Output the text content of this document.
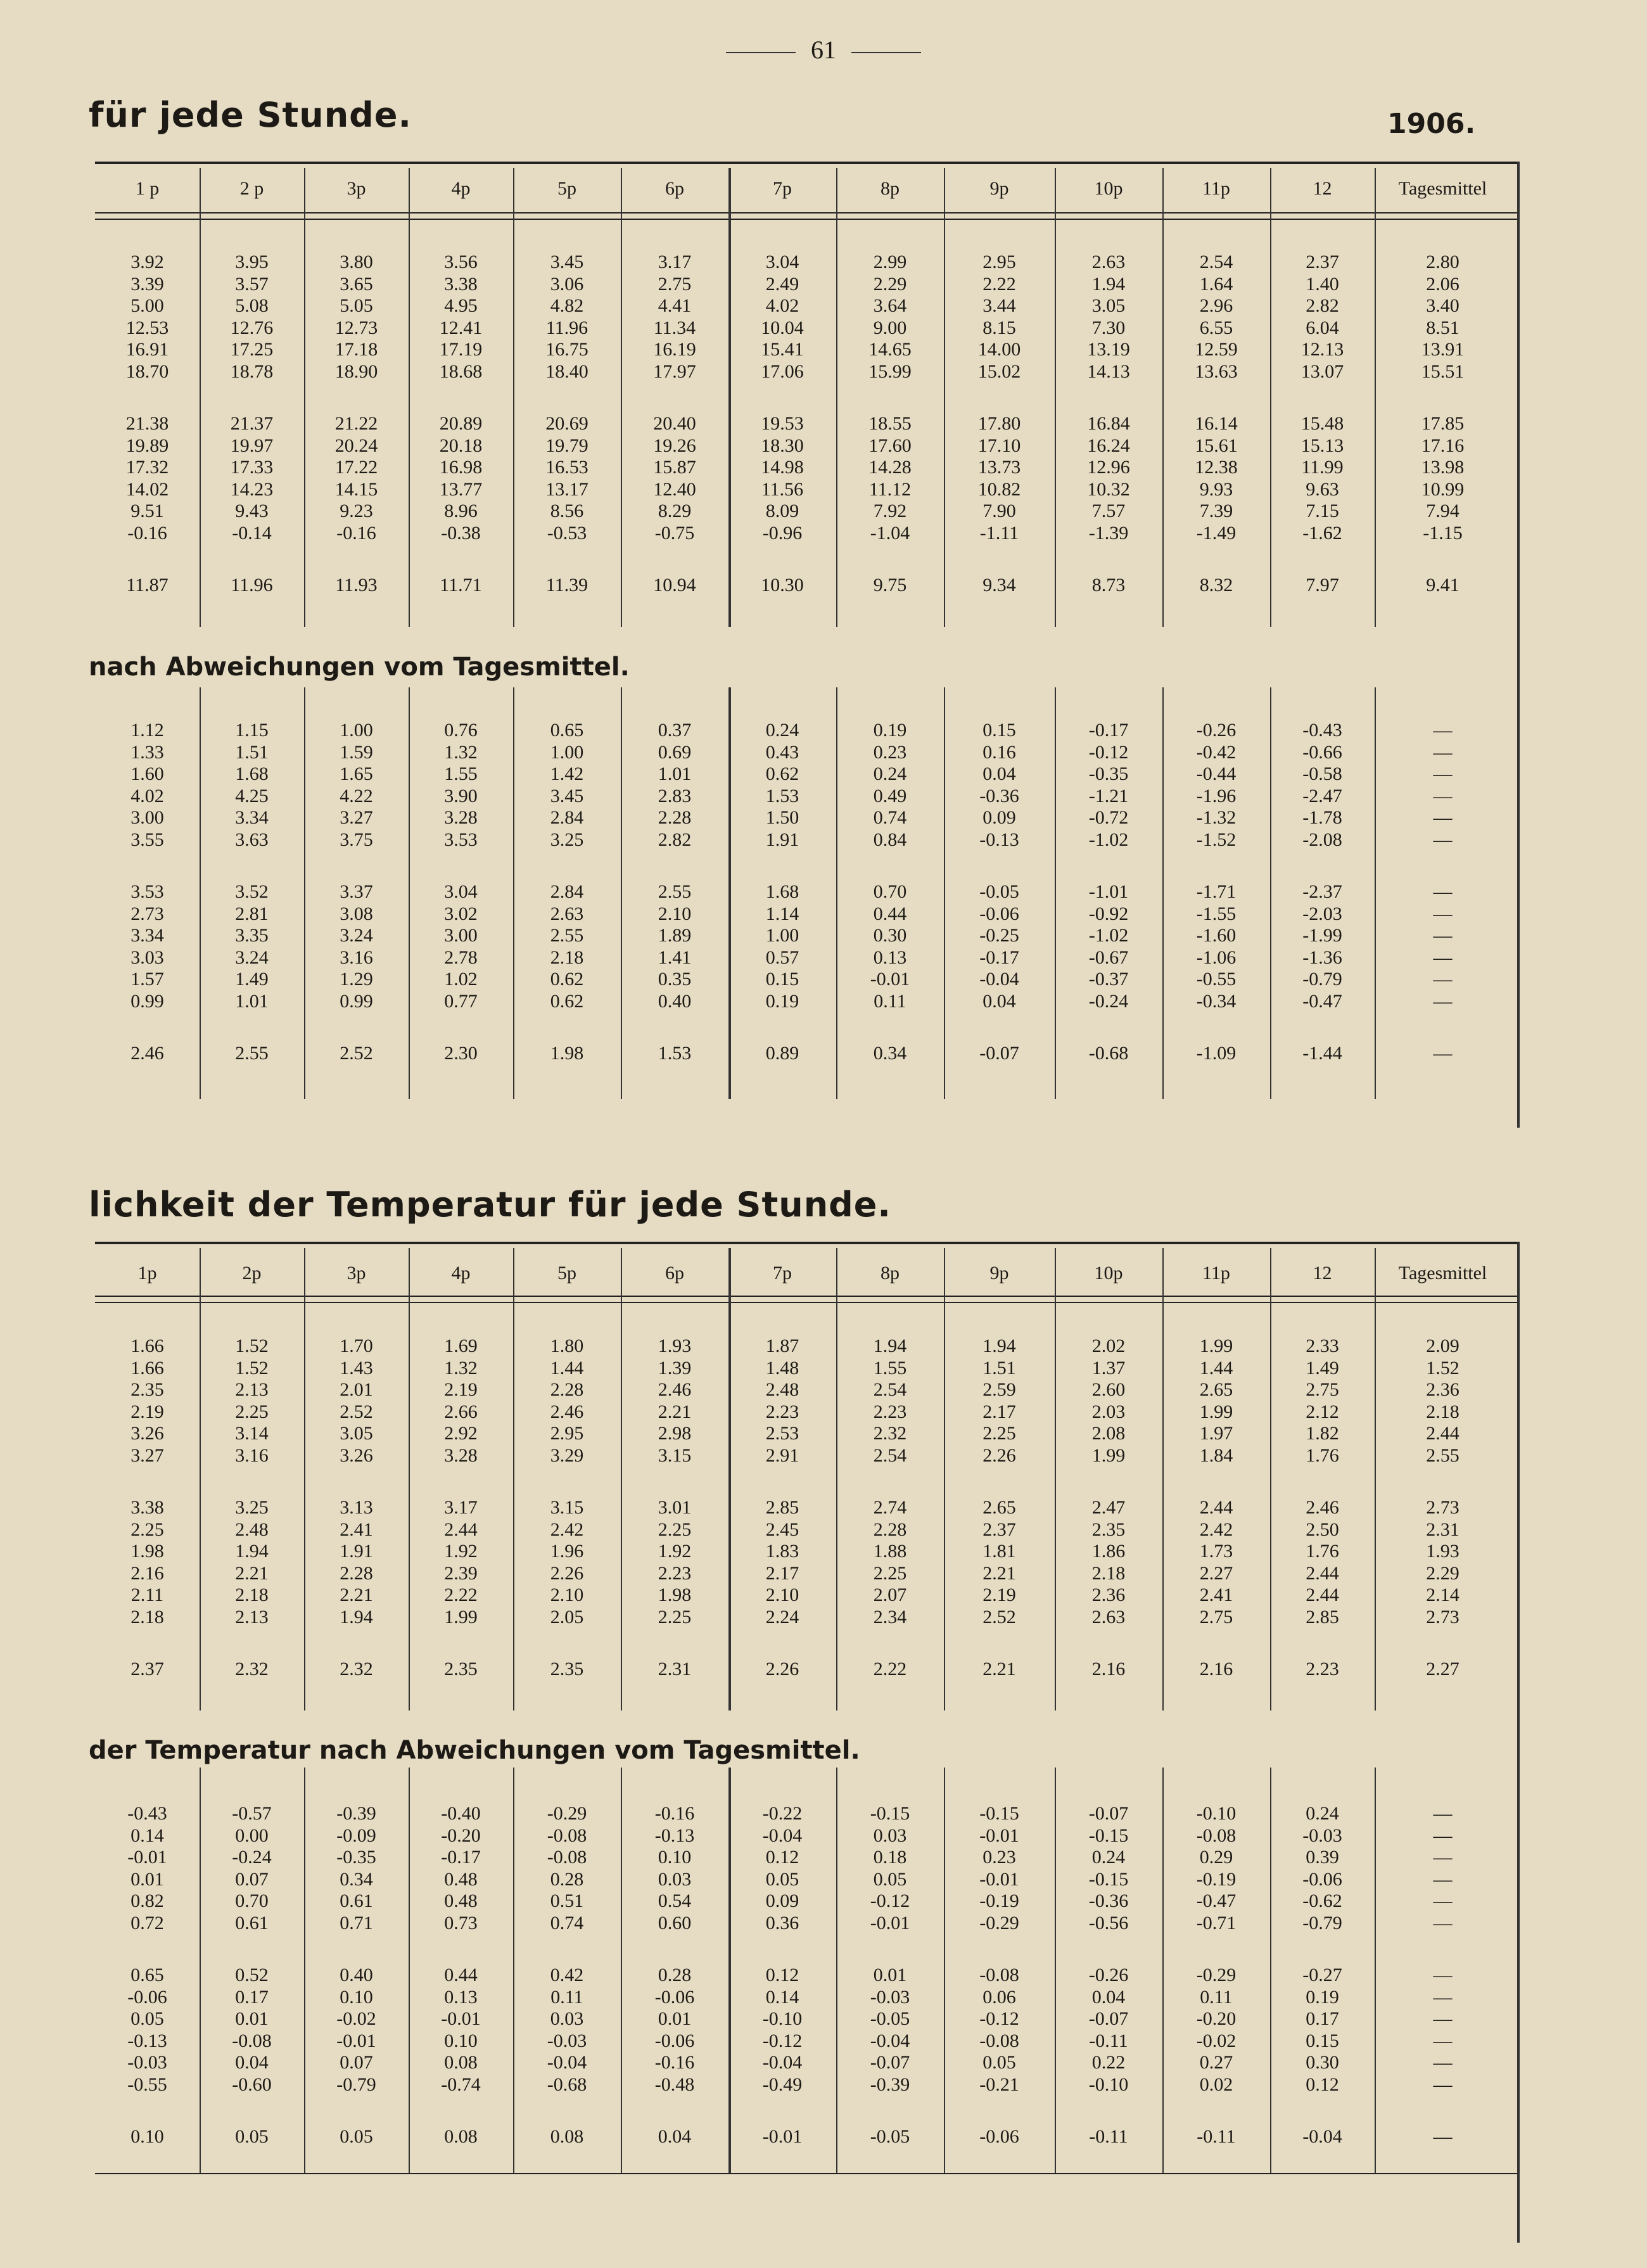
61
für jede Stunde.	1906.
1 p	2 p	3p	4p	5p	6p	7p	8p	9p	10p	11p	12	Tagesmittel
3.92	3.95	3.80	3.56	3.45	3.17	3.04	2.99	2.95	2.63	2.54	2.37	2.80
3.39	3.57	3.65	3.38	3.06	2.75	2.49	2.29	2.22	1.94	1.64	1.40	2.06
5.00	5.08	5.05	4.95	4.82	4.41	4.02	3.64	3.44	3.05	2.96	2.82	3.40
12.53	12.76	12.73	12.41	11.96	11.34	10.04	9.00	8.15	7.30	6.55	6.04	8.51
16.91	17.25	17.18	17.19	16.75	16.19	15.41	14.65	14.00	13.19	12.59	12.13	13.91
18.70	18.78	18.90	18.68	18.40	17.97	17.06	15.99	15.02	14.13	13.63	13.07	15.51
21.38	21.37	21.22	20.89	20.69	20.40	19.53	18.55	17.80	16.84	16.14	15.48	17.85
19.89	19.97	20.24	20.18	19.79	19.26	18.30	17.60	17.10	16.24	15.61	15.13	17.16
17.32	17.33	17.22	16.98	16.53	15.87	14.98	14.28	13.73	12.96	12.38	11.99	13.98
14.02	14.23	14.15	13.77	13.17	12.40	11.56	11.12	10.82	10.32	9.93	9.63	10.99
9.51	9.43	9.23	8.96	8.56	8.29	8.09	7.92	7.90	7.57	7.39	7.15	7.94
-0.16	-0.14	-0.16	-0.38	-0.53	-0.75	-0.96	-1.04	-1.11	-1.39	-1.49	-1.62	-1.15
11.87	11.96	11.93	11.71	11.39	10.94	10.30	9.75	9.34	8.73	8.32	7.97	9.41
nach Abweichungen vom Tagesmittel.
1.12	1.15	1.00	0.76	0.65	0.37	0.24	0.19	0.15	-0.17	-0.26	-0.43	—
1.33	1.51	1.59	1.32	1.00	0.69	0.43	0.23	0.16	-0.12	-0.42	-0.66	—
1.60	1.68	1.65	1.55	1.42	1.01	0.62	0.24	0.04	-0.35	-0.44	-0.58	—
4.02	4.25	4.22	3.90	3.45	2.83	1.53	0.49	-0.36	-1.21	-1.96	-2.47	—
3.00	3.34	3.27	3.28	2.84	2.28	1.50	0.74	0.09	-0.72	-1.32	-1.78	—
3.55	3.63	3.75	3.53	3.25	2.82	1.91	0.84	-0.13	-1.02	-1.52	-2.08	—
3.53	3.52	3.37	3.04	2.84	2.55	1.68	0.70	-0.05	-1.01	-1.71	-2.37	—
2.73	2.81	3.08	3.02	2.63	2.10	1.14	0.44	-0.06	-0.92	-1.55	-2.03	—
3.34	3.35	3.24	3.00	2.55	1.89	1.00	0.30	-0.25	-1.02	-1.60	-1.99	—
3.03	3.24	3.16	2.78	2.18	1.41	0.57	0.13	-0.17	-0.67	-1.06	-1.36	—
1.57	1.49	1.29	1.02	0.62	0.35	0.15	-0.01	-0.04	-0.37	-0.55	-0.79	—
0.99	1.01	0.99	0.77	0.62	0.40	0.19	0.11	0.04	-0.24	-0.34	-0.47	—
2.46	2.55	2.52	2.30	1.98	1.53	0.89	0.34	-0.07	-0.68	-1.09	-1.44	—
lichkeit der Temperatur für jede Stunde.
1p	2p	3p	4p	5p	6p	7p	8p	9p	10p	11p	12	Tagesmittel
1.66	1.52	1.70	1.69	1.80	1.93	1.87	1.94	1.94	2.02	1.99	2.33	2.09
1.66	1.52	1.43	1.32	1.44	1.39	1.48	1.55	1.51	1.37	1.44	1.49	1.52
2.35	2.13	2.01	2.19	2.28	2.46	2.48	2.54	2.59	2.60	2.65	2.75	2.36
2.19	2.25	2.52	2.66	2.46	2.21	2.23	2.23	2.17	2.03	1.99	2.12	2.18
3.26	3.14	3.05	2.92	2.95	2.98	2.53	2.32	2.25	2.08	1.97	1.82	2.44
3.27	3.16	3.26	3.28	3.29	3.15	2.91	2.54	2.26	1.99	1.84	1.76	2.55
3.38	3.25	3.13	3.17	3.15	3.01	2.85	2.74	2.65	2.47	2.44	2.46	2.73
2.25	2.48	2.41	2.44	2.42	2.25	2.45	2.28	2.37	2.35	2.42	2.50	2.31
1.98	1.94	1.91	1.92	1.96	1.92	1.83	1.88	1.81	1.86	1.73	1.76	1.93
2.16	2.21	2.28	2.39	2.26	2.23	2.17	2.25	2.21	2.18	2.27	2.44	2.29
2.11	2.18	2.21	2.22	2.10	1.98	2.10	2.07	2.19	2.36	2.41	2.44	2.14
2.18	2.13	1.94	1.99	2.05	2.25	2.24	2.34	2.52	2.63	2.75	2.85	2.73
2.37	2.32	2.32	2.35	2.35	2.31	2.26	2.22	2.21	2.16	2.16	2.23	2.27
der Temperatur nach Abweichungen vom Tagesmittel.
-0.43	-0.57	-0.39	-0.40	-0.29	-0.16	-0.22	-0.15	-0.15	-0.07	-0.10	0.24	—
0.14	0.00	-0.09	-0.20	-0.08	-0.13	-0.04	0.03	-0.01	-0.15	-0.08	-0.03	—
-0.01	-0.24	-0.35	-0.17	-0.08	0.10	0.12	0.18	0.23	0.24	0.29	0.39	—
0.01	0.07	0.34	0.48	0.28	0.03	0.05	0.05	-0.01	-0.15	-0.19	-0.06	—
0.82	0.70	0.61	0.48	0.51	0.54	0.09	-0.12	-0.19	-0.36	-0.47	-0.62	—
0.72	0.61	0.71	0.73	0.74	0.60	0.36	-0.01	-0.29	-0.56	-0.71	-0.79	—
0.65	0.52	0.40	0.44	0.42	0.28	0.12	0.01	-0.08	-0.26	-0.29	-0.27	—
-0.06	0.17	0.10	0.13	0.11	-0.06	0.14	-0.03	0.06	0.04	0.11	0.19	—
0.05	0.01	-0.02	-0.01	0.03	0.01	-0.10	-0.05	-0.12	-0.07	-0.20	0.17	—
-0.13	-0.08	-0.01	0.10	-0.03	-0.06	-0.12	-0.04	-0.08	-0.11	-0.02	0.15	—
-0.03	0.04	0.07	0.08	-0.04	-0.16	-0.04	-0.07	0.05	0.22	0.27	0.30	—
-0.55	-0.60	-0.79	-0.74	-0.68	-0.48	-0.49	-0.39	-0.21	-0.10	0.02	0.12	—
0.10	0.05	0.05	0.08	0.08	0.04	-0.01	-0.05	-0.06	-0.11	-0.11	-0.04	—
